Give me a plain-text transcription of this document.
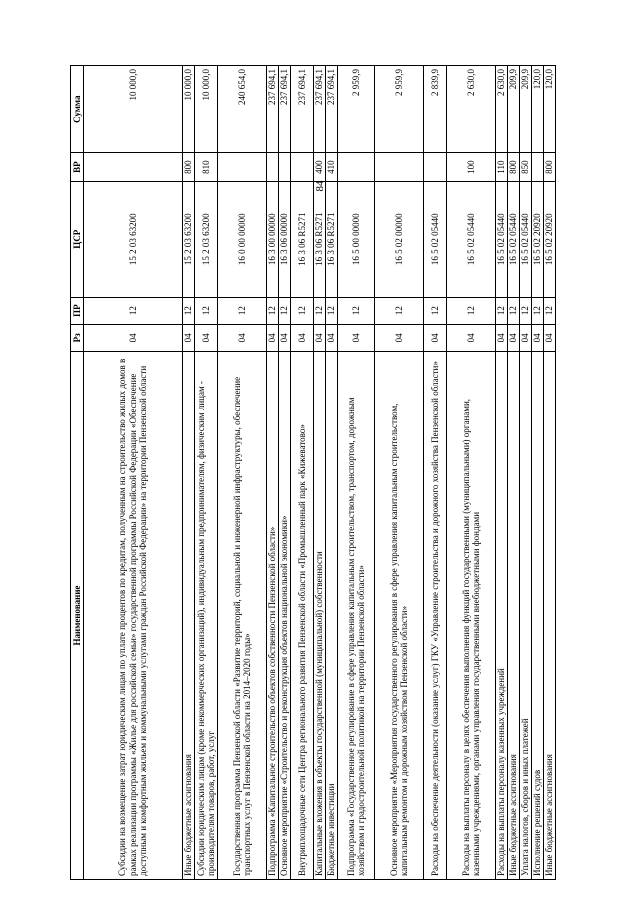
84
Наименование	Рз	ПР	ЦСР	ВР	Сумма
Субсидии на возмещение затрат юридическим лицам по уплате процентов по кредитам, полученным на строительство жилых домов в рамках реализации программы «Жилье для российской семьи» государственной программы Российской Федерации «Обеспечение доступным и комфортным жильем и коммунальными услугами граждан Российской Федерации» на территории Пензенской области	04	12	15 2 03 63200		10 000,0
Иные бюджетные ассигнования	04	12	15 2 03 63200	800	10 000,0
Субсидии юридическим лицам (кроме некоммерческих организаций), индивидуальным предпринимателям, физическим лицам - производителям товаров, работ, услуг	04	12	15 2 03 63200	810	10 000,0
Государственная программа Пензенской области «Развитие территорий, социальной и инженерной инфраструктуры, обеспечение транспортных услуг в Пензенской области на 2014–2020 годы»	04	12	16 0 00 00000		240 654,0
Подпрограмма «Капитальное строительство объектов собственности Пензенской области»	04	12	16 3 00 00000		237 694,1
Основное мероприятие «Строительство и реконструкция объектов национальной экономики»	04	12	16 3 06 00000		237 694,1
Внутриплощадочные сети Центра регионального развития Пензенской области «Промышленный парк «Кижеватово»	04	12	16 3 06 R5271		237 694,1
Капитальные вложения в объекты государственной (муниципальной) собственности	04	12	16 3 06 R5271	400	237 694,1
Бюджетные инвестиции	04	12	16 3 06 R5271	410	237 694,1
Подпрограмма «Государственное регулирование в сфере управления капитальным строительством, транспортом, дорожным хозяйством и градостроительной политикой на территории Пензенской области»	04	12	16 5 00 00000		2 959,9
Основное мероприятие «Мероприятия государственного регулирования в сфере управления капитальным строительством, капитальным ремонтом и дорожным хозяйством Пензенской области»	04	12	16 5 02 00000		2 959,9
Расходы на обеспечение деятельности (оказание услуг) ГКУ «Управление строительства и дорожного хозяйства Пензенской области»	04	12	16 5 02 05440		2 839,9
Расходы на выплаты персоналу в целях обеспечения выполнения функций государственными (муниципальными) органами, казенными учреждениями, органами управления государственными внебюджетными фондами	04	12	16 5 02 05440	100	2 630,0
Расходы на выплаты персоналу казенных учреждений	04	12	16 5 02 05440	110	2 630,0
Иные бюджетные ассигнования	04	12	16 5 02 05440	800	209,9
Уплата налогов, сборов и иных платежей	04	12	16 5 02 05440	850	209,9
Исполнение решений судов	04	12	16 5 02 20920		120,0
Иные бюджетные ассигнования	04	12	16 5 02 20920	800	120,0
